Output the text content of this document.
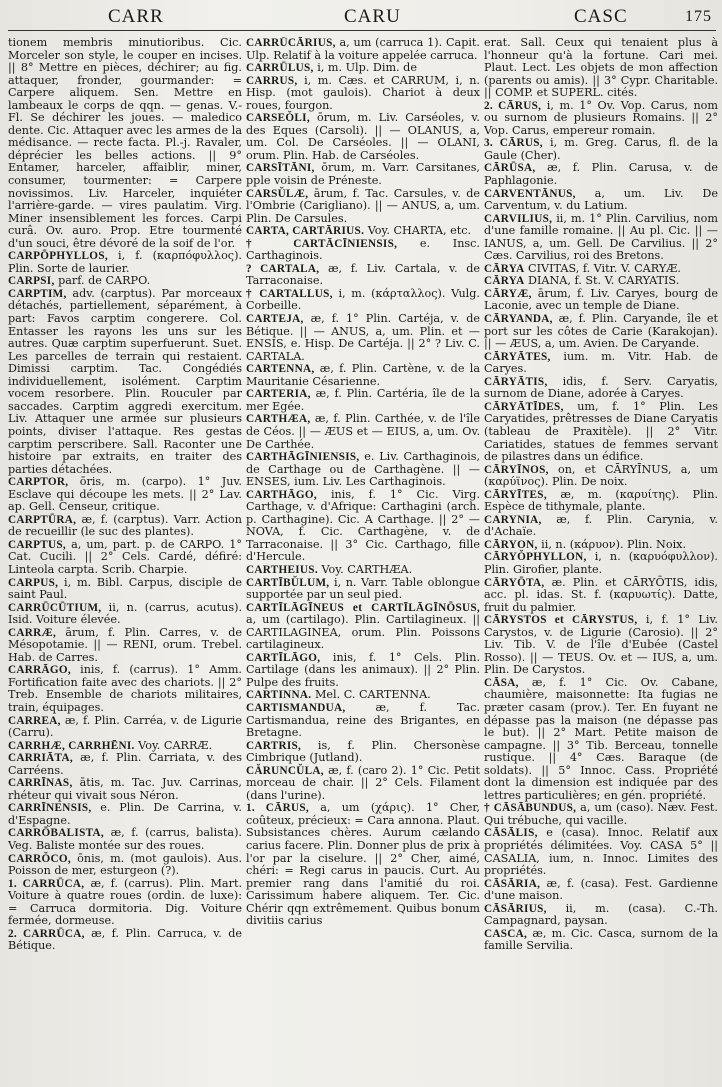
CARR	CARU	CASC	175

tionem membris minutioribus. Cic. Morceler son style, le couper en incises. || 8° Mettre en pièces, déchirer; au fig. attaquer, fronder, gourmander: = Carpere aliquem. Sen. Mettre en lambeaux le corps de qqn. — genas. V.-Fl. Se déchirer les joues. — maledico dente. Cic. Attaquer avec les armes de la médisance. — recte facta. Pl.-j. Ravaler, déprécier les belles actions. || 9° Entamer, harceler, affaiblir, miner, consumer, tourmenter: = Carpere novissimos. Liv. Harceler, inquiéter l'arrière-garde. — vires paulatim. Virg. Miner insensiblement les forces. Carpi curâ. Ov. auro. Prop. Etre tourmenté d'un souci, être dévoré de la soif de l'or.

CARPŌPHYLLOS, i, f. (καρπόφυλλος). Plin. Sorte de laurier.

CARPSI, parf. de CARPO.

CARPTIM, adv. (carptus). Par morceaux détachés, partiellement, séparément, à part: Favos carptim congerere. Col. Entasser les rayons les uns sur les autres. Quæ carptim superfuerunt. Suet. Les parcelles de terrain qui restaient. Dimissi carptim. Tac. Congédiés individuellement, isolément. Carptim vocem resorbere. Plin. Rouculer par saccades. Carptim aggredi exercitum. Liv. Attaquer une armée sur plusieurs points, diviser l'attaque. Res gestas carptim perscribere. Sall. Raconter une histoire par extraits, en traiter des parties détachées.

CARPTOR, ōris, m. (carpo). 1° Juv. Esclave qui découpe les mets. || 2° Lav. ap. Gell. Censeur, critique.

CARPTŪRA, æ, f. (carptus). Varr. Action de recueillir (le suc des plantes).

CARPTUS, a, um, part. p. de CARPO. 1° Cat. Cucili. || 2° Cels. Cardé, défiré: Linteola carpta. Scrib. Charpie.

CARPUS, i, m. Bibl. Carpus, disciple de saint Paul.

CARRŪCŪTIUM, ii, n. (carrus, acutus). Isid. Voiture élevée.

CARRÆ, ārum, f. Plin. Carres, v. de Mésopotamie. || — RENI, orum. Trebel. Hab. de Carres.

CARRĀGO, inis, f. (carrus). 1° Amm. Fortification faite avec des chariots. || 2° Treb. Ensemble de chariots militaires, train, équipages.

CARREA, æ, f. Plin. Carréa, v. de Ligurie (Carru).

CARRHÆ, CARRHĒNI. Voy. CARRÆ.

CARRIĀTA, æ, f. Plin. Carriata, v. des Carréens.

CARRĪNAS, ātis, m. Tac. Juv. Carrinas, rhéteur qui vivait sous Néron.

CARRĪNENSIS, e. Plin. De Carrina, v. d'Espagne.

CARRŌBALISTA, æ, f. (carrus, balista). Veg. Baliste montée sur des roues.

CARRŎCO, ōnis, m. (mot gaulois). Aus. Poisson de mer, esturgeon (?).

1. CARRŪCA, æ, f. (carrus). Plin. Mart. Voiture à quatre roues (ordin. de luxe): = Carruca dormitoria. Dig. Voiture fermée, dormeuse.

2. CARRŪCA, æ, f. Plin. Carruca, v. de Bétique.

CARRŪCĀRIUS, a, um (carruca 1). Capit. Ulp. Relatif à la voiture appelée carruca.

CARRŪLUS, i, m. Ulp. Dim. de

CARRUS, i, m. Cæs. et CARRUM, i, n. Hisp. (mot gaulois). Chariot à deux roues, fourgon.

CARSEŎLI, ōrum, m. Liv. Carséoles, v. des Eques (Carsoli). || — OLANUS, a, um. Col. De Carséoles. || — OLANI, orum. Plin. Hab. de Carséoles.

CARSĪTĀNI, ōrum, m. Varr. Carsitanes, pple voisin de Préneste.

CARSŬLÆ, ārum, f. Tac. Carsules, v. de l'Ombrie (Carigliano). || — ANUS, a, um. Plin. De Carsules.

CARTA, CARTĀRIUS. Voy. CHARTA, etc.

† CARTĀCĪNIENSIS, e. Insc. Carthaginois.

? CARTALA, æ, f. Liv. Cartala, v. de Tarraconaise.

† CARTALLUS, i, m. (κάρταλλος). Vulg. Corbeille.

CARTEJA, æ, f. 1° Plin. Cartéja, v. de Bétique. || — ANUS, a, um. Plin. et — ENSIS, e. Hisp. De Cartéja. || 2° ? Liv. C. CARTALA.

CARTENNA, æ, f. Plin. Cartène, v. de la Mauritanie Césarienne.

CARTERIA, æ, f. Plin. Cartéria, île de la mer Egée.

CARTHÆA, æ, f. Plin. Carthée, v. de l'île de Céos. || — ÆUS et — EIUS, a, um. Ov. De Carthée.

CARTHĀGĪNIENSIS, e. Liv. Carthaginois, de Carthage ou de Carthagène. || — ENSES, ium. Liv. Les Carthaginois.

CARTHĀGO, inis, f. 1° Cic. Virg. Carthage, v. d'Afrique: Carthagini (arch. p. Carthagine). Cic. A Carthage. || 2° — NOVA, f. Cic. Carthagène, v. de Tarraconaise. || 3° Cic. Carthago, fille d'Hercule.

CARTHEIUS. Voy. CARTHÆA.

CARTĪBŬLUM, i, n. Varr. Table oblongue supportée par un seul pied.

CARTĪLĀGĪNEUS et CARTĪLĀGĪNŌSUS, a, um (cartilago). Plin. Cartilagineux. || CARTILAGINEA, orum. Plin. Poissons cartilagineux.

CARTĪLĀGO, inis, f. 1° Cels. Plin. Cartilage (dans les animaux). || 2° Plin. Pulpe des fruits.

CARTINNA. Mel. C. CARTENNA.

CARTISMANDUA, æ, f. Tac. Cartismandua, reine des Brigantes, en Bretagne.

CARTRIS, is, f. Plin. Chersonèse Cimbrique (Jutland).

CĂRUNCŬLA, æ, f. (caro 2). 1° Cic. Petit morceau de chair. || 2° Cels. Filament (dans l'urine).

1. CĀRUS, a, um (χάρις). 1° Cher, coûteux, précieux: = Cara annona. Plaut. Subsistances chères. Aurum cælando carius facere. Plin. Donner plus de prix à l'or par la ciselure. || 2° Cher, aimé, chéri: = Regi carus in paucis. Curt. Au premier rang dans l'amitié du roi. Carissimum habere aliquem. Ter. Cic. Chérir qqn extrêmement. Quibus bonum divitiis carius

erat. Sall. Ceux qui tenaient plus à l'honneur qu'à la fortune. Cari mei. Plaut. Lect. Les objets de mon affection (parents ou amis). || 3° Cypr. Charitable. || COMP. et SUPERL. cités.

2. CĀRUS, i, m. 1° Ov. Vop. Carus, nom ou surnom de plusieurs Romains. || 2° Vop. Carus, empereur romain.

3. CĀRUS, i, m. Greg. Carus, fl. de la Gaule (Cher).

CĀRŪSA, æ, f. Plin. Carusa, v. de Paphlagonie.

CARVENTĀNUS, a, um. Liv. De Carventum, v. du Latium.

CARVILIUS, ii, m. 1° Plin. Carvilius, nom d'une famille romaine. || Au pl. Cic. || — IANUS, a, um. Gell. De Carvilius. || 2° Cæs. Carvilius, roi des Bretons.

CĀRYA CIVITAS, f. Vitr. V. CARYÆ.

CĀRYA DIANA, f. St. V. CARYATIS.

CĀRYÆ, ārum, f. Liv. Caryes, bourg de Laconie, avec un temple de Diane.

CĀRYANDA, æ, f. Plin. Caryande, île et port sur les côtes de Carie (Karakojan). || — ÆUS, a, um. Avien. De Caryande.

CĀRYĀTES, ium. m. Vitr. Hab. de Caryes.

CĀRYĀTIS, idis, f. Serv. Caryatis, surnom de Diane, adorée à Caryes.

CĀRYĀTĪDES, um, f. 1° Plin. Les Caryatides, prêtresses de Diane Caryatis (tableau de Praxitèle). || 2° Vitr. Cariatides, statues de femmes servant de pilastres dans un édifice.

CĀRYĪNOS, on, et CĀRYĪNUS, a, um (καρύϊνος). Plin. De noix.

CĀRYĪTES, æ, m. (καρυίτης). Plin. Espèce de tithymale, plante.

CARYNIA, æ, f. Plin. Carynia, v. d'Achaïe.

CĀRYON, ii, n. (κάρυον). Plin. Noix.

CĀRYŎPHYLLON, i, n. (καρυόφυλλον). Plin. Girofier, plante.

CĀRYŌTA, æ. Plin. et CĀRYŌTIS, idis, acc. pl. idas. St. f. (καρυωτίς). Datte, fruit du palmier.

CĀRYSTOS et CĀRYSTUS, i, f. 1° Liv. Carystos, v. de Ligurie (Carosio). || 2° Liv. Tib. V. de l'île d'Eubée (Castel Rosso). || — TEUS. Ov. et — IUS, a, um. Plin. De Carystos.

CĀSA, æ, f. 1° Cic. Ov. Cabane, chaumière, maisonnette: Ita fugias ne præter casam (prov.). Ter. En fuyant ne dépasse pas la maison (ne dépasse pas le but). || 2° Mart. Petite maison de campagne. || 3° Tib. Berceau, tonnelle rustique. || 4° Cæs. Baraque (de soldats). || 5° Innoc. Cass. Propriété dont la dimension est indiquée par des lettres particulières; en gén. propriété.

† CĀSĀBUNDUS, a, um (caso). Næv. Fest. Qui trébuche, qui vacille.

CĀSĀLIS, e (casa). Innoc. Relatif aux propriétés délimitées. Voy. CASA 5° || CASALIA, ium, n. Innoc. Limites des propriétés.

CĀSĀRIA, æ, f. (casa). Fest. Gardienne d'une maison.

CĀSĀRIUS, ii, m. (casa). C.-Th. Campagnard, paysan.

CASCA, æ, m. Cic. Casca, surnom de la famille Servilia.
